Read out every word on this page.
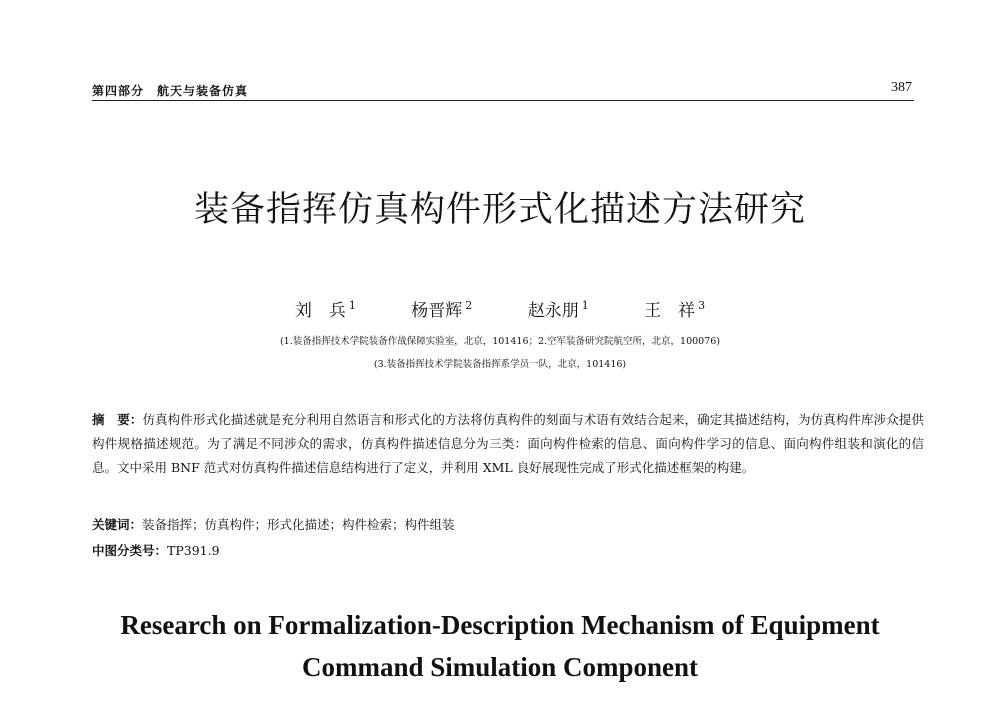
第四部分　航天与装备仿真	387
装备指挥仿真构件形式化描述方法研究
刘　兵 $^1$	杨晋辉 $^2$	赵永朋 $^1$	王　祥 $^3$
(1.装备指挥技术学院装备作战保障实验室，北京，101416；2.空军装备研究院航空所，北京，100076)
(3.装备指挥技术学院装备指挥系学员一队，北京，101416)
摘　要：仿真构件形式化描述就是充分利用自然语言和形式化的方法将仿真构件的刻面与术语有效结合起来，确定其描述结构，为仿真构件库涉众提供构件规格描述规范。为了满足不同涉众的需求，仿真构件描述信息分为三类：面向构件检索的信息、面向构件学习的信息、面向构件组装和演化的信息。文中采用 BNF 范式对仿真构件描述信息结构进行了定义，并利用 XML 良好展现性完成了形式化描述框架的构建。
关键词：装备指挥；仿真构件；形式化描述；构件检索；构件组装
中图分类号：TP391.9
Research on Formalization-Description Mechanism of Equipment
Command Simulation Component
